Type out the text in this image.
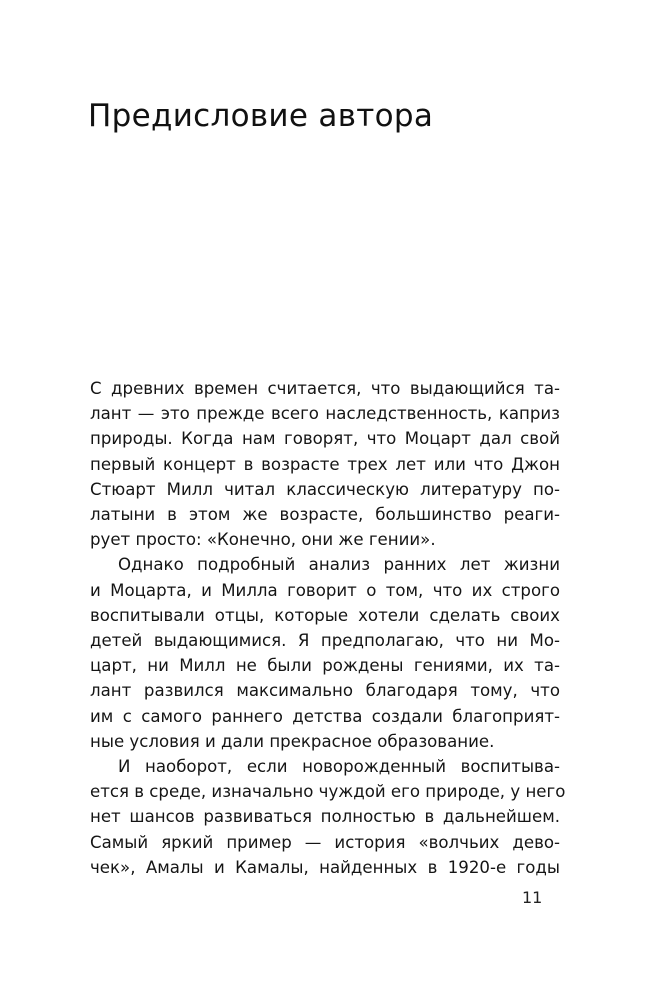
Предисловие автора
С древних времен считается, что выдающийся та-
лант — это прежде всего наследственность, каприз
природы. Когда нам говорят, что Моцарт дал свой
первый концерт в возрасте трех лет или что Джон
Стюарт Милл читал классическую литературу по-
латыни в этом же возрасте, большинство реаги-
рует просто: «Конечно, они же гении».
Однако подробный анализ ранних лет жизни
и Моцарта, и Милла говорит о том, что их строго
воспитывали отцы, которые хотели сделать своих
детей выдающимися. Я предполагаю, что ни Мо-
царт, ни Милл не были рождены гениями, их та-
лант развился максимально благодаря тому, что
им с самого раннего детства создали благоприят-
ные условия и дали прекрасное образование.
И наоборот, если новорожденный воспитыва-
ется в среде, изначально чуждой его природе, у него
нет шансов развиваться полностью в дальнейшем.
Самый яркий пример — история «волчьих дево-
чек», Амалы и Камалы, найденных в 1920-е годы
11
